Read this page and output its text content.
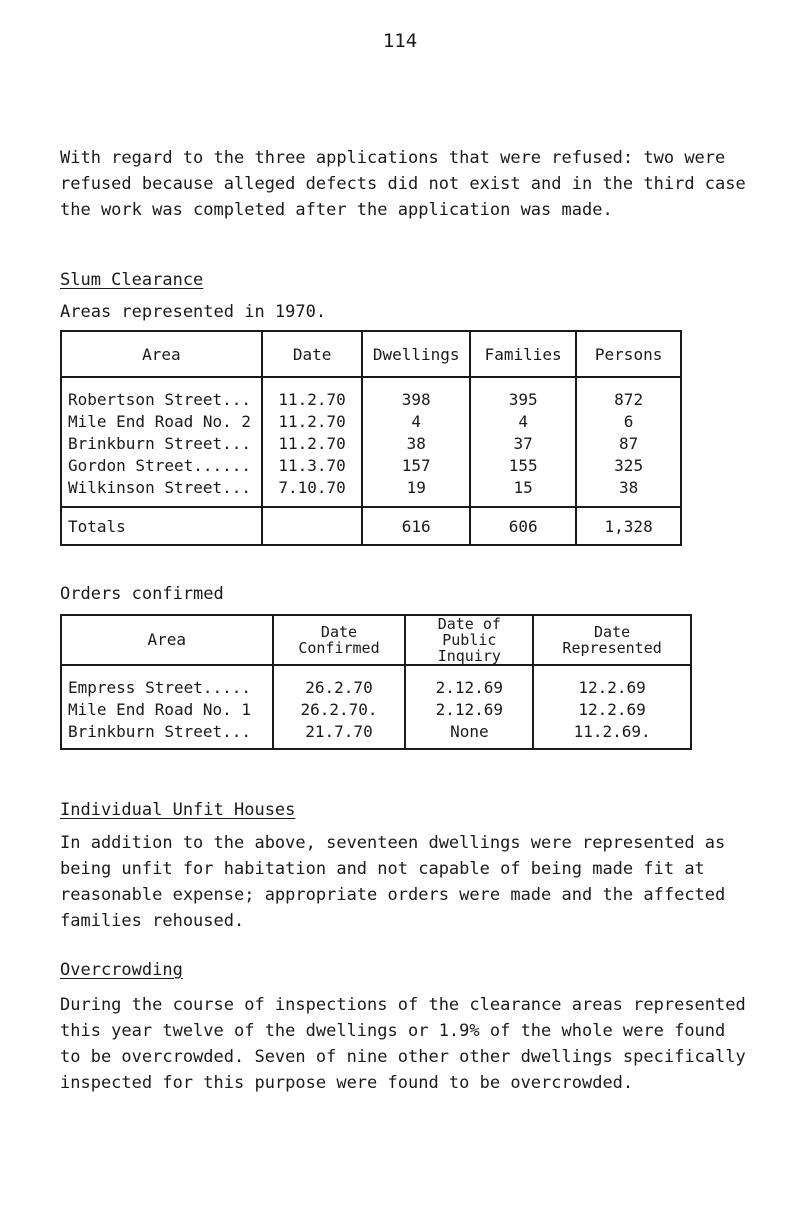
114

With regard to the three applications that were refused: two were refused because alleged defects did not exist and in the third case the work was completed after the application was made.

Slum Clearance
Areas represented in 1970.
Area	Date	Dwellings	Families	Persons
Robertson Street...	11.2.70	398	395	872
Mile End Road No. 2	11.2.70	4	4	6
Brinkburn Street...	11.2.70	38	37	87
Gordon Street......	11.3.70	157	155	325
Wilkinson Street...	7.10.70	19	15	38
Totals		616	606	1,328
Orders confirmed
Area	Date Confirmed	Date of Public Inquiry	Date Represented
Empress Street.....	26.2.70	2.12.69	12.2.69
Mile End Road No. 1	26.2.70.	2.12.69	12.2.69
Brinkburn Street...	21.7.70	None	11.2.69.
Individual Unfit Houses

In addition to the above, seventeen dwellings were represented as being unfit for habitation and not capable of being made fit at reasonable expense; appropriate orders were made and the affected families rehoused.

Overcrowding

During the course of inspections of the clearance areas represented this year twelve of the dwellings or 1.9% of the whole were found to be overcrowded. Seven of nine other other dwellings specifically inspected for this purpose were found to be overcrowded.
